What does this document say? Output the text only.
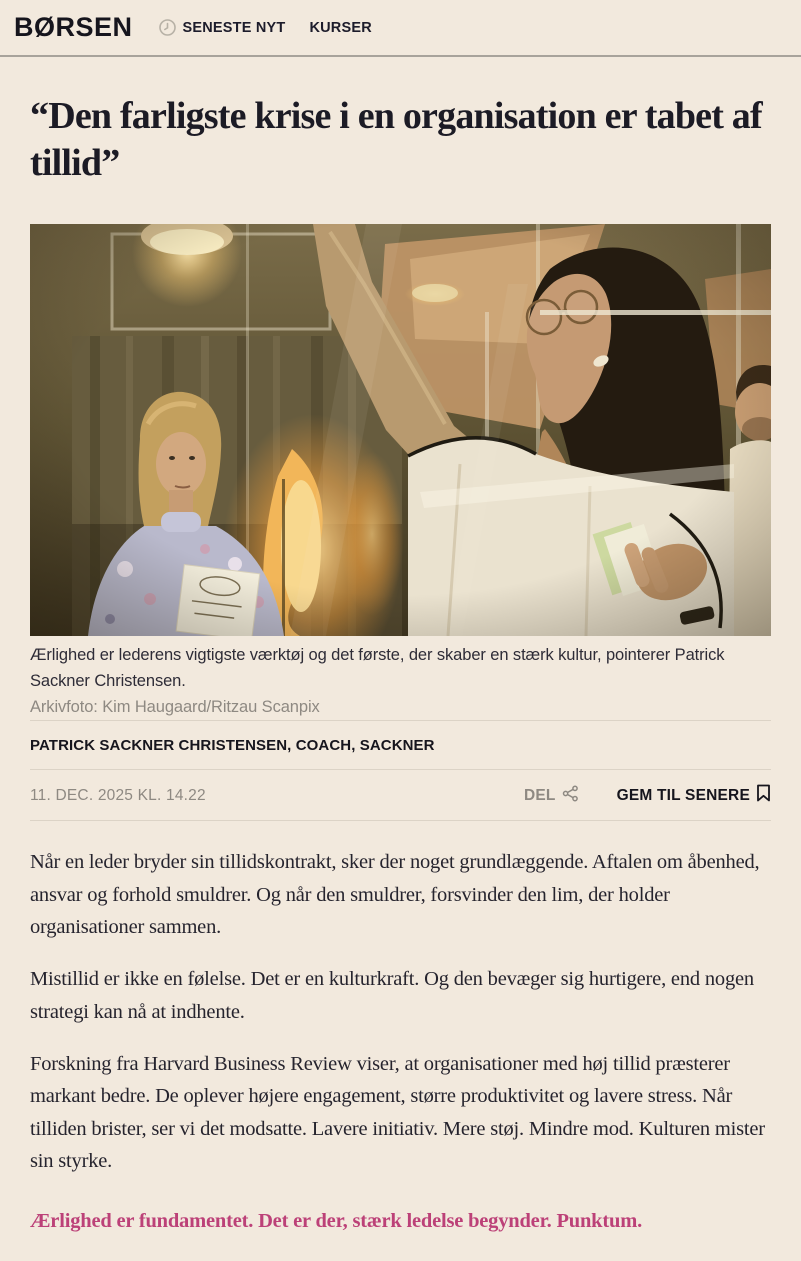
BØRSEN	SENESTE NYT KURSER
“Den farligste krise i en organisation er tabet af tillid”
Ærlighed er lederens vigtigste værktøj og det første, der skaber en stærk kultur, pointerer Patrick Sackner Christensen.
Arkivfoto: Kim Haugaard/Ritzau Scanpix
PATRICK SACKNER CHRISTENSEN, COACH, SACKNER
11. DEC. 2025 KL. 14.22	DEL	GEM TIL SENERE

Når en leder bryder sin tillidskontrakt, sker der noget grundlæggende. Aftalen om åbenhed, ansvar og forhold smuldrer. Og når den smuldrer, forsvinder den lim, der holder organisationer sammen.

Mistillid er ikke en følelse. Det er en kulturkraft. Og den bevæger sig hurtigere, end nogen strategi kan nå at indhente.

Forskning fra Harvard Business Review viser, at organisationer med høj tillid præsterer markant bedre. De oplever højere engagement, større produktivitet og lavere stress. Når tilliden brister, ser vi det modsatte. Lavere initiativ. Mere støj. Mindre mod. Kulturen mister sin styrke.

Ærlighed er fundamentet. Det er der, stærk ledelse begynder. Punktum.
